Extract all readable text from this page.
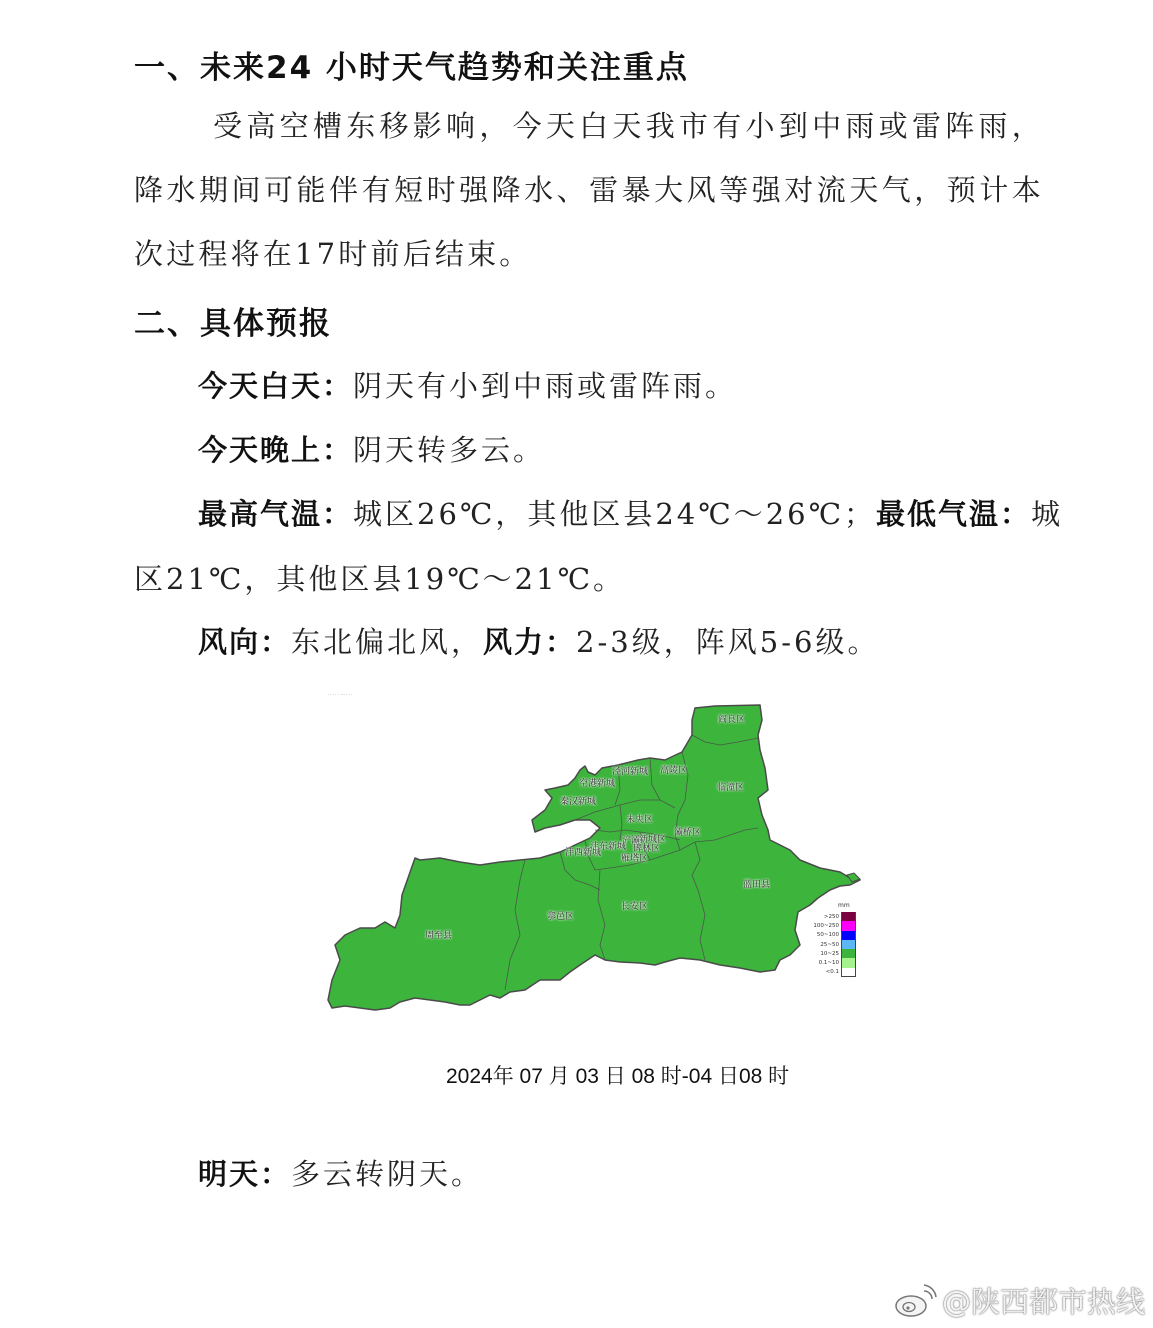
一、未来24 小时天气趋势和关注重点
受高空槽东移影响，今天白天我市有小到中雨或雷阵雨，降水期间可能伴有短时强降水、雷暴大风等强对流天气，预计本次过程将在17时前后结束。
二、具体预报
今天白天：阴天有小到中雨或雷阵雨。
今天晚上：阴天转多云。
最高气温：城区26℃，其他区县24℃～26℃；最低气温：城
区21℃，其他区县19℃～21℃。
风向：东北偏北风，风力：2-3级，阵风5-6级。
·· ·· · ···· ··
阎良区
泾河新城 高陵区
空港新城	临潼区
秦汉新城
未央区
灞桥区
新城区
浐灞
沣东新城 碑林区
沣西新城
雁塔区
蓝田县
长安区
鄠邑区
周至县
mm
>250
100~250
50~100
25~50
10~25
0.1~10
<0.1
2024年 07 月 03 日 08 时-04 日08 时
明天：多云转阴天。
@陕西都市热线
